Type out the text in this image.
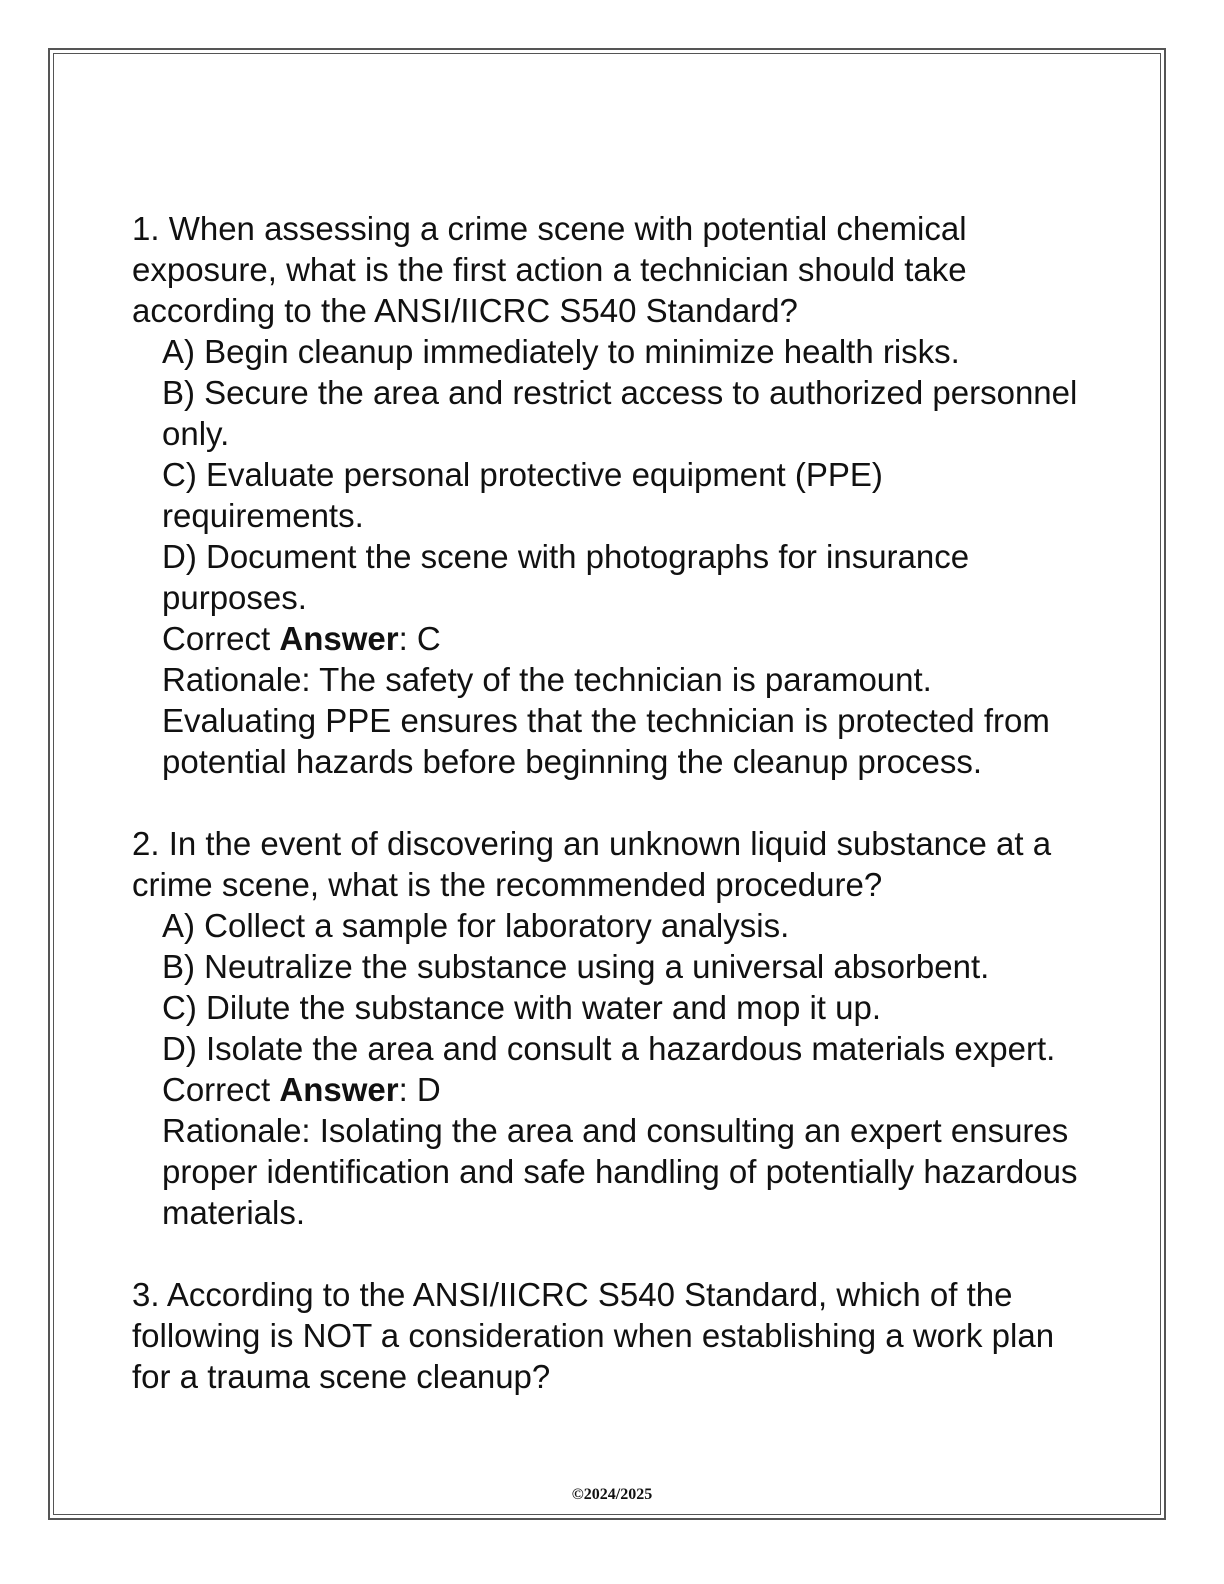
1. When assessing a crime scene with potential chemical exposure, what is the first action a technician should take according to the ANSI/IICRC S540 Standard?

A) Begin cleanup immediately to minimize health risks.

B) Secure the area and restrict access to authorized personnel only.

C) Evaluate personal protective equipment (PPE) requirements.

D) Document the scene with photographs for insurance purposes.

Correct Answer: C

Rationale: The safety of the technician is paramount. Evaluating PPE ensures that the technician is protected from potential hazards before beginning the cleanup process.

2. In the event of discovering an unknown liquid substance at a crime scene, what is the recommended procedure?

A) Collect a sample for laboratory analysis.

B) Neutralize the substance using a universal absorbent.

C) Dilute the substance with water and mop it up.

D) Isolate the area and consult a hazardous materials expert.

Correct Answer: D

Rationale: Isolating the area and consulting an expert ensures proper identification and safe handling of potentially hazardous materials.

3. According to the ANSI/IICRC S540 Standard, which of the following is NOT a consideration when establishing a work plan for a trauma scene cleanup?

©2024/2025
